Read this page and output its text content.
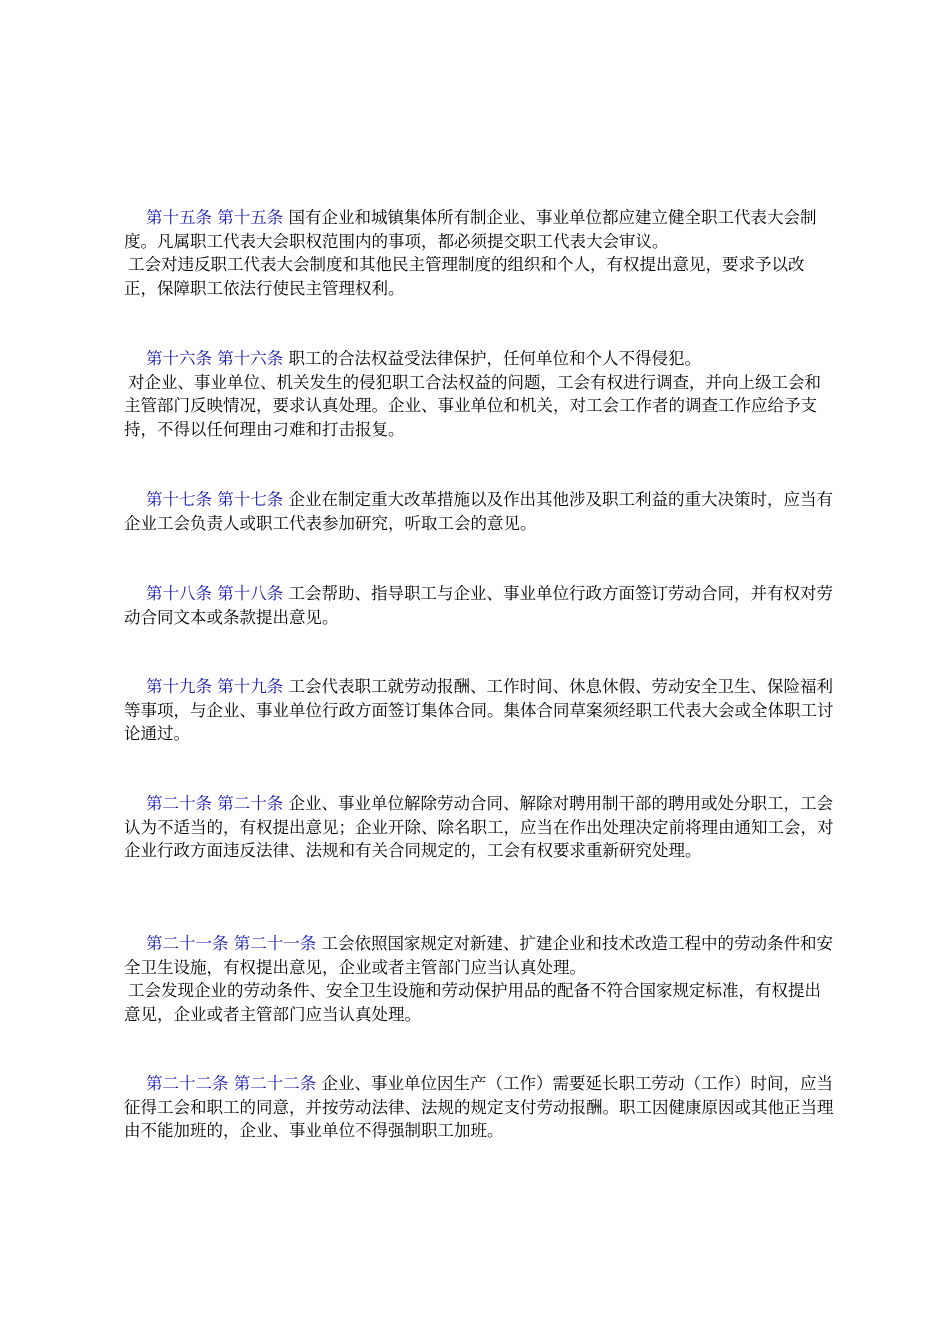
第十五条 第十五条 国有企业和城镇集体所有制企业、事业单位都应建立健全职工代表大会制度。凡属职工代表大会职权范围内的事项，都必须提交职工代表大会审议。

工会对违反职工代表大会制度和其他民主管理制度的组织和个人，有权提出意见，要求予以改正，保障职工依法行使民主管理权利。

第十六条 第十六条 职工的合法权益受法律保护，任何单位和个人不得侵犯。

对企业、事业单位、机关发生的侵犯职工合法权益的问题，工会有权进行调查，并向上级工会和主管部门反映情况，要求认真处理。企业、事业单位和机关，对工会工作者的调查工作应给予支持，不得以任何理由刁难和打击报复。

第十七条 第十七条 企业在制定重大改革措施以及作出其他涉及职工利益的重大决策时，应当有企业工会负责人或职工代表参加研究，听取工会的意见。

第十八条 第十八条 工会帮助、指导职工与企业、事业单位行政方面签订劳动合同，并有权对劳动合同文本或条款提出意见。

第十九条 第十九条 工会代表职工就劳动报酬、工作时间、休息休假、劳动安全卫生、保险福利等事项，与企业、事业单位行政方面签订集体合同。集体合同草案须经职工代表大会或全体职工讨论通过。

第二十条 第二十条 企业、事业单位解除劳动合同、解除对聘用制干部的聘用或处分职工，工会认为不适当的，有权提出意见；企业开除、除名职工，应当在作出处理决定前将理由通知工会，对企业行政方面违反法律、法规和有关合同规定的，工会有权要求重新研究处理。

第二十一条 第二十一条 工会依照国家规定对新建、扩建企业和技术改造工程中的劳动条件和安全卫生设施，有权提出意见，企业或者主管部门应当认真处理。

工会发现企业的劳动条件、安全卫生设施和劳动保护用品的配备不符合国家规定标准，有权提出意见，企业或者主管部门应当认真处理。

第二十二条 第二十二条 企业、事业单位因生产（工作）需要延长职工劳动（工作）时间，应当征得工会和职工的同意，并按劳动法律、法规的规定支付劳动报酬。职工因健康原因或其他正当理由不能加班的，企业、事业单位不得强制职工加班。
